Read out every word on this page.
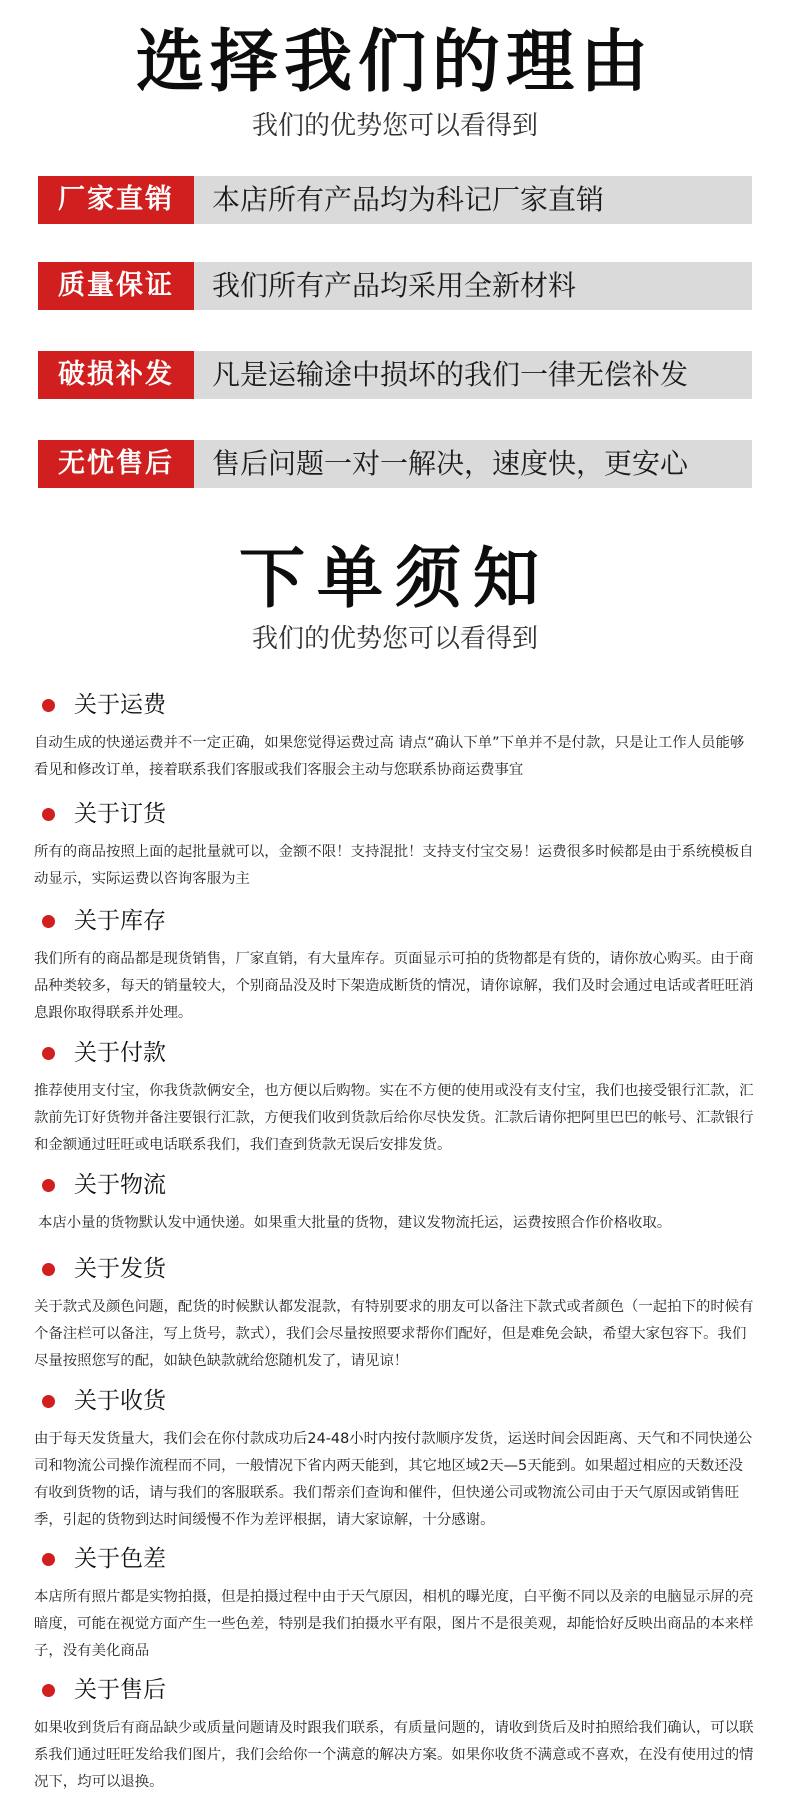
选择我们的理由
我们的优势您可以看得到
厂家直销	本店所有产品均为科记厂家直销
质量保证	我们所有产品均采用全新材料
破损补发	凡是运输途中损坏的我们一律无偿补发
无忧售后	售后问题一对一解决，速度快，更安心
下单须知
我们的优势您可以看得到
关于运费
自动生成的快递运费并不一定正确，如果您觉得运费过高 请点“确认下单”下单并不是付款，只是让工作人员能够看见和修改订单，接着联系我们客服或我们客服会主动与您联系协商运费事宜
关于订货
所有的商品按照上面的起批量就可以，金额不限！支持混批！支持支付宝交易！运费很多时候都是由于系统模板自动显示，实际运费以咨询客服为主
关于库存
我们所有的商品都是现货销售，厂家直销，有大量库存。页面显示可拍的货物都是有货的，请你放心购买。由于商品种类较多，每天的销量较大，个别商品没及时下架造成断货的情况，请你谅解，我们及时会通过电话或者旺旺消息跟你取得联系并处理。
关于付款
推荐使用支付宝，你我货款俩安全，也方便以后购物。实在不方便的使用或没有支付宝，我们也接受银行汇款，汇款前先订好货物并备注要银行汇款，方便我们收到货款后给你尽快发货。汇款后请你把阿里巴巴的帐号、汇款银行和金额通过旺旺或电话联系我们，我们查到货款无误后安排发货。
关于物流
本店小量的货物默认发中通快递。如果重大批量的货物，建议发物流托运，运费按照合作价格收取。
关于发货
关于款式及颜色问题，配货的时候默认都发混款，有特别要求的朋友可以备注下款式或者颜色（一起拍下的时候有个备注栏可以备注，写上货号，款式），我们会尽量按照要求帮你们配好，但是难免会缺，希望大家包容下。我们尽量按照您写的配，如缺色缺款就给您随机发了，请见谅！
关于收货
由于每天发货量大，我们会在你付款成功后24-48小时内按付款顺序发货，运送时间会因距离、天气和不同快递公司和物流公司操作流程而不同，一般情况下省内两天能到，其它地区域2天—5天能到。如果超过相应的天数还没有收到货物的话，请与我们的客服联系。我们帮亲们查询和催件，但快递公司或物流公司由于天气原因或销售旺季，引起的货物到达时间缓慢不作为差评根据，请大家谅解，十分感谢。
关于色差
本店所有照片都是实物拍摄，但是拍摄过程中由于天气原因，相机的曝光度，白平衡不同以及亲的电脑显示屏的亮暗度，可能在视觉方面产生一些色差，特别是我们拍摄水平有限，图片不是很美观，却能恰好反映出商品的本来样子，没有美化商品
关于售后
如果收到货后有商品缺少或质量问题请及时跟我们联系，有质量问题的，请收到货后及时拍照给我们确认，可以联系我们通过旺旺发给我们图片，我们会给你一个满意的解决方案。如果你收货不满意或不喜欢，在没有使用过的情况下，均可以退换。
